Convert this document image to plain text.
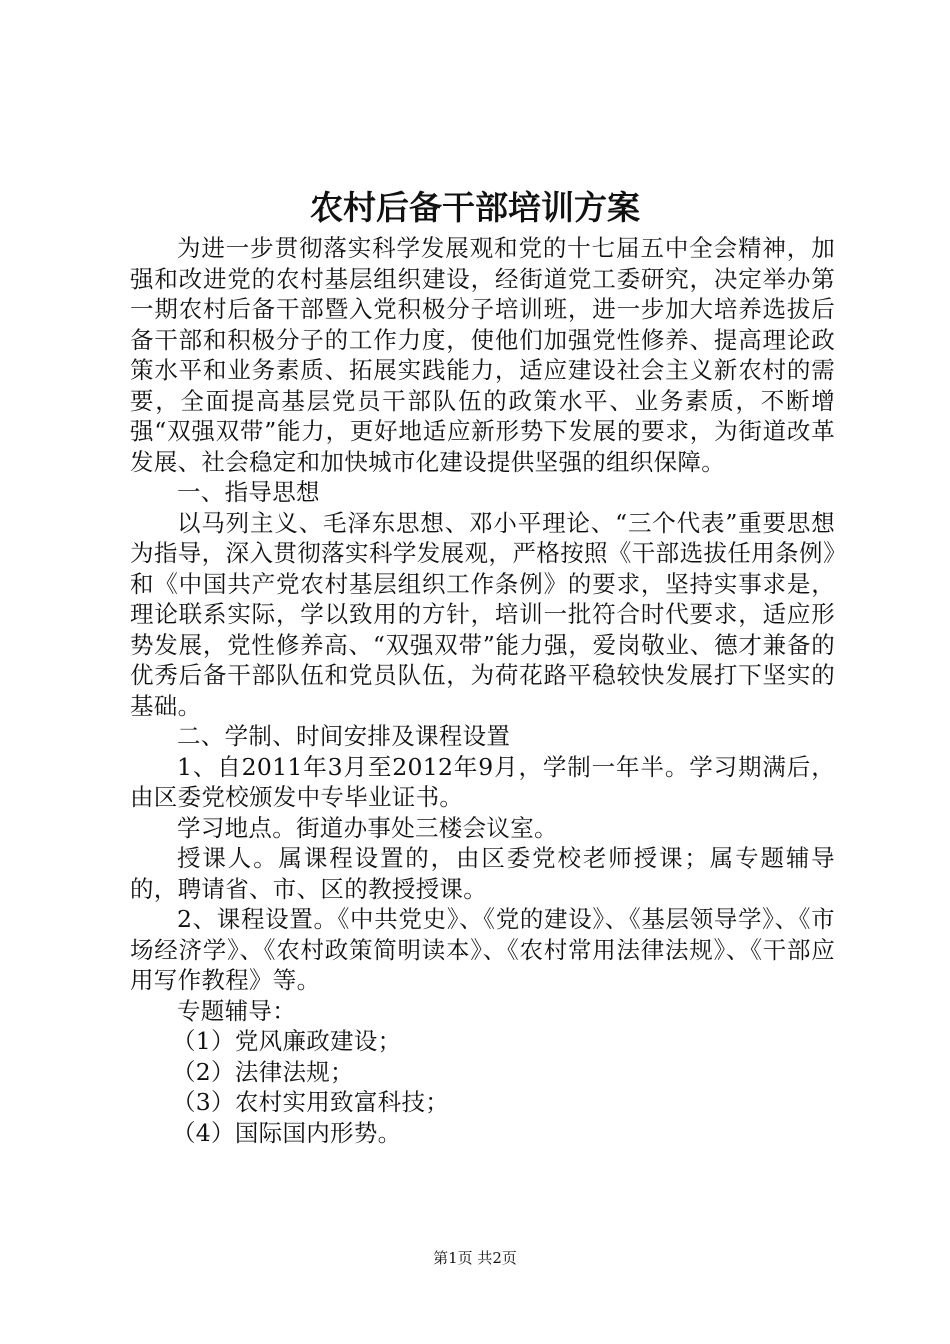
农村后备干部培训方案

为进一步贯彻落实科学发展观和党的十七届五中全会精神，加强和改进党的农村基层组织建设，经街道党工委研究，决定举办第一期农村后备干部暨入党积极分子培训班，进一步加大培养选拔后备干部和积极分子的工作力度，使他们加强党性修养、提高理论政策水平和业务素质、拓展实践能力，适应建设社会主义新农村的需要，全面提高基层党员干部队伍的政策水平、业务素质，不断增强“双强双带”能力，更好地适应新形势下发展的要求，为街道改革发展、社会稳定和加快城市化建设提供坚强的组织保障。

一、指导思想

以马列主义、毛泽东思想、邓小平理论、“三个代表”重要思想为指导，深入贯彻落实科学发展观，严格按照《干部选拔任用条例》和《中国共产党农村基层组织工作条例》的要求，坚持实事求是，理论联系实际，学以致用的方针，培训一批符合时代要求，适应形势发展，党性修养高、“双强双带”能力强，爱岗敬业、德才兼备的优秀后备干部队伍和党员队伍，为荷花路平稳较快发展打下坚实的基础。

二、学制、时间安排及课程设置

1、自2011年3月至2012年9月，学制一年半。学习期满后，由区委党校颁发中专毕业证书。

学习地点。街道办事处三楼会议室。

授课人。属课程设置的，由区委党校老师授课；属专题辅导的，聘请省、市、区的教授授课。

2、课程设置。《中共党史》、《党的建设》、《基层领导学》、《市场经济学》、《农村政策简明读本》、《农村常用法律法规》、《干部应用写作教程》等。

专题辅导：

（1）党风廉政建设；

（2）法律法规；

（3）农村实用致富科技；

（4）国际国内形势。

第1页 共2页
